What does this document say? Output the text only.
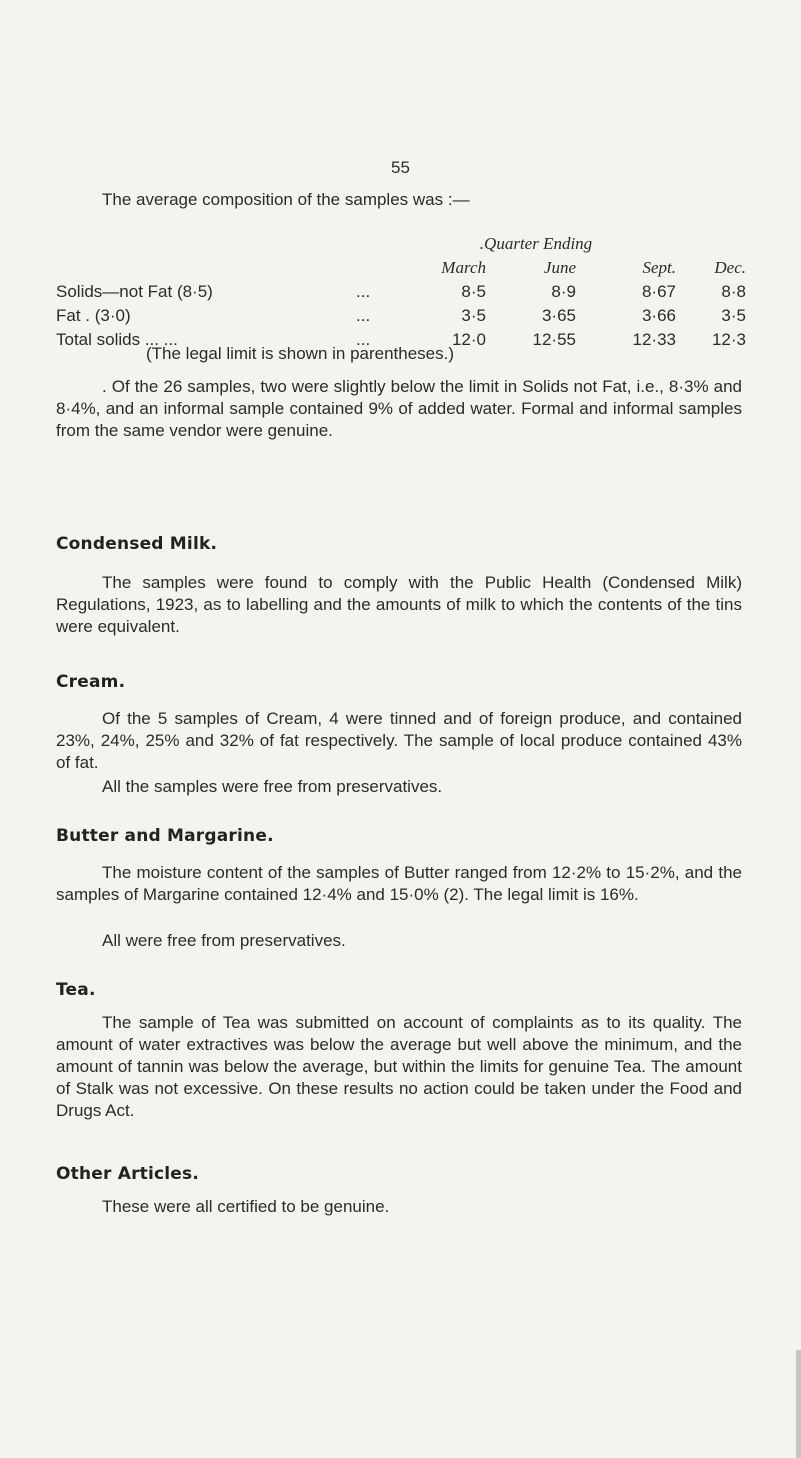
55
The average composition of the samples was :—
		.Quarter Ending			
		March	June	Sept.	Dec.
Solids—not Fat (8·5)	...	8·5	8·9	8·67	8·8
Fat . (3·0)	...	3·5	3·65	3·66	3·5
Total solids ... ...	...	12·0	12·55	12·33	12·3
(The legal limit is shown in parentheses.)

. Of the 26 samples, two were slightly below the limit in Solids not Fat, i.e., 8·3% and 8·4%, and an informal sample contained 9% of added water. Formal and informal samples from the same vendor were genuine.

Condensed Milk.

The samples were found to comply with the Public Health (Condensed Milk) Regulations, 1923, as to labelling and the amounts of milk to which the contents of the tins were equivalent.

Cream.

Of the 5 samples of Cream, 4 were tinned and of foreign produce, and contained 23%, 24%, 25% and 32% of fat respectively. The sample of local produce contained 43% of fat.

All the samples were free from preservatives.

Butter and Margarine.

The moisture content of the samples of Butter ranged from 12·2% to 15·2%, and the samples of Margarine contained 12·4% and 15·0% (2). The legal limit is 16%.

All were free from preservatives.

Tea.

The sample of Tea was submitted on account of complaints as to its quality. The amount of water extractives was below the average but well above the minimum, and the amount of tannin was below the average, but within the limits for genuine Tea. The amount of Stalk was not excessive. On these results no action could be taken under the Food and Drugs Act.

Other Articles.

These were all certified to be genuine.
